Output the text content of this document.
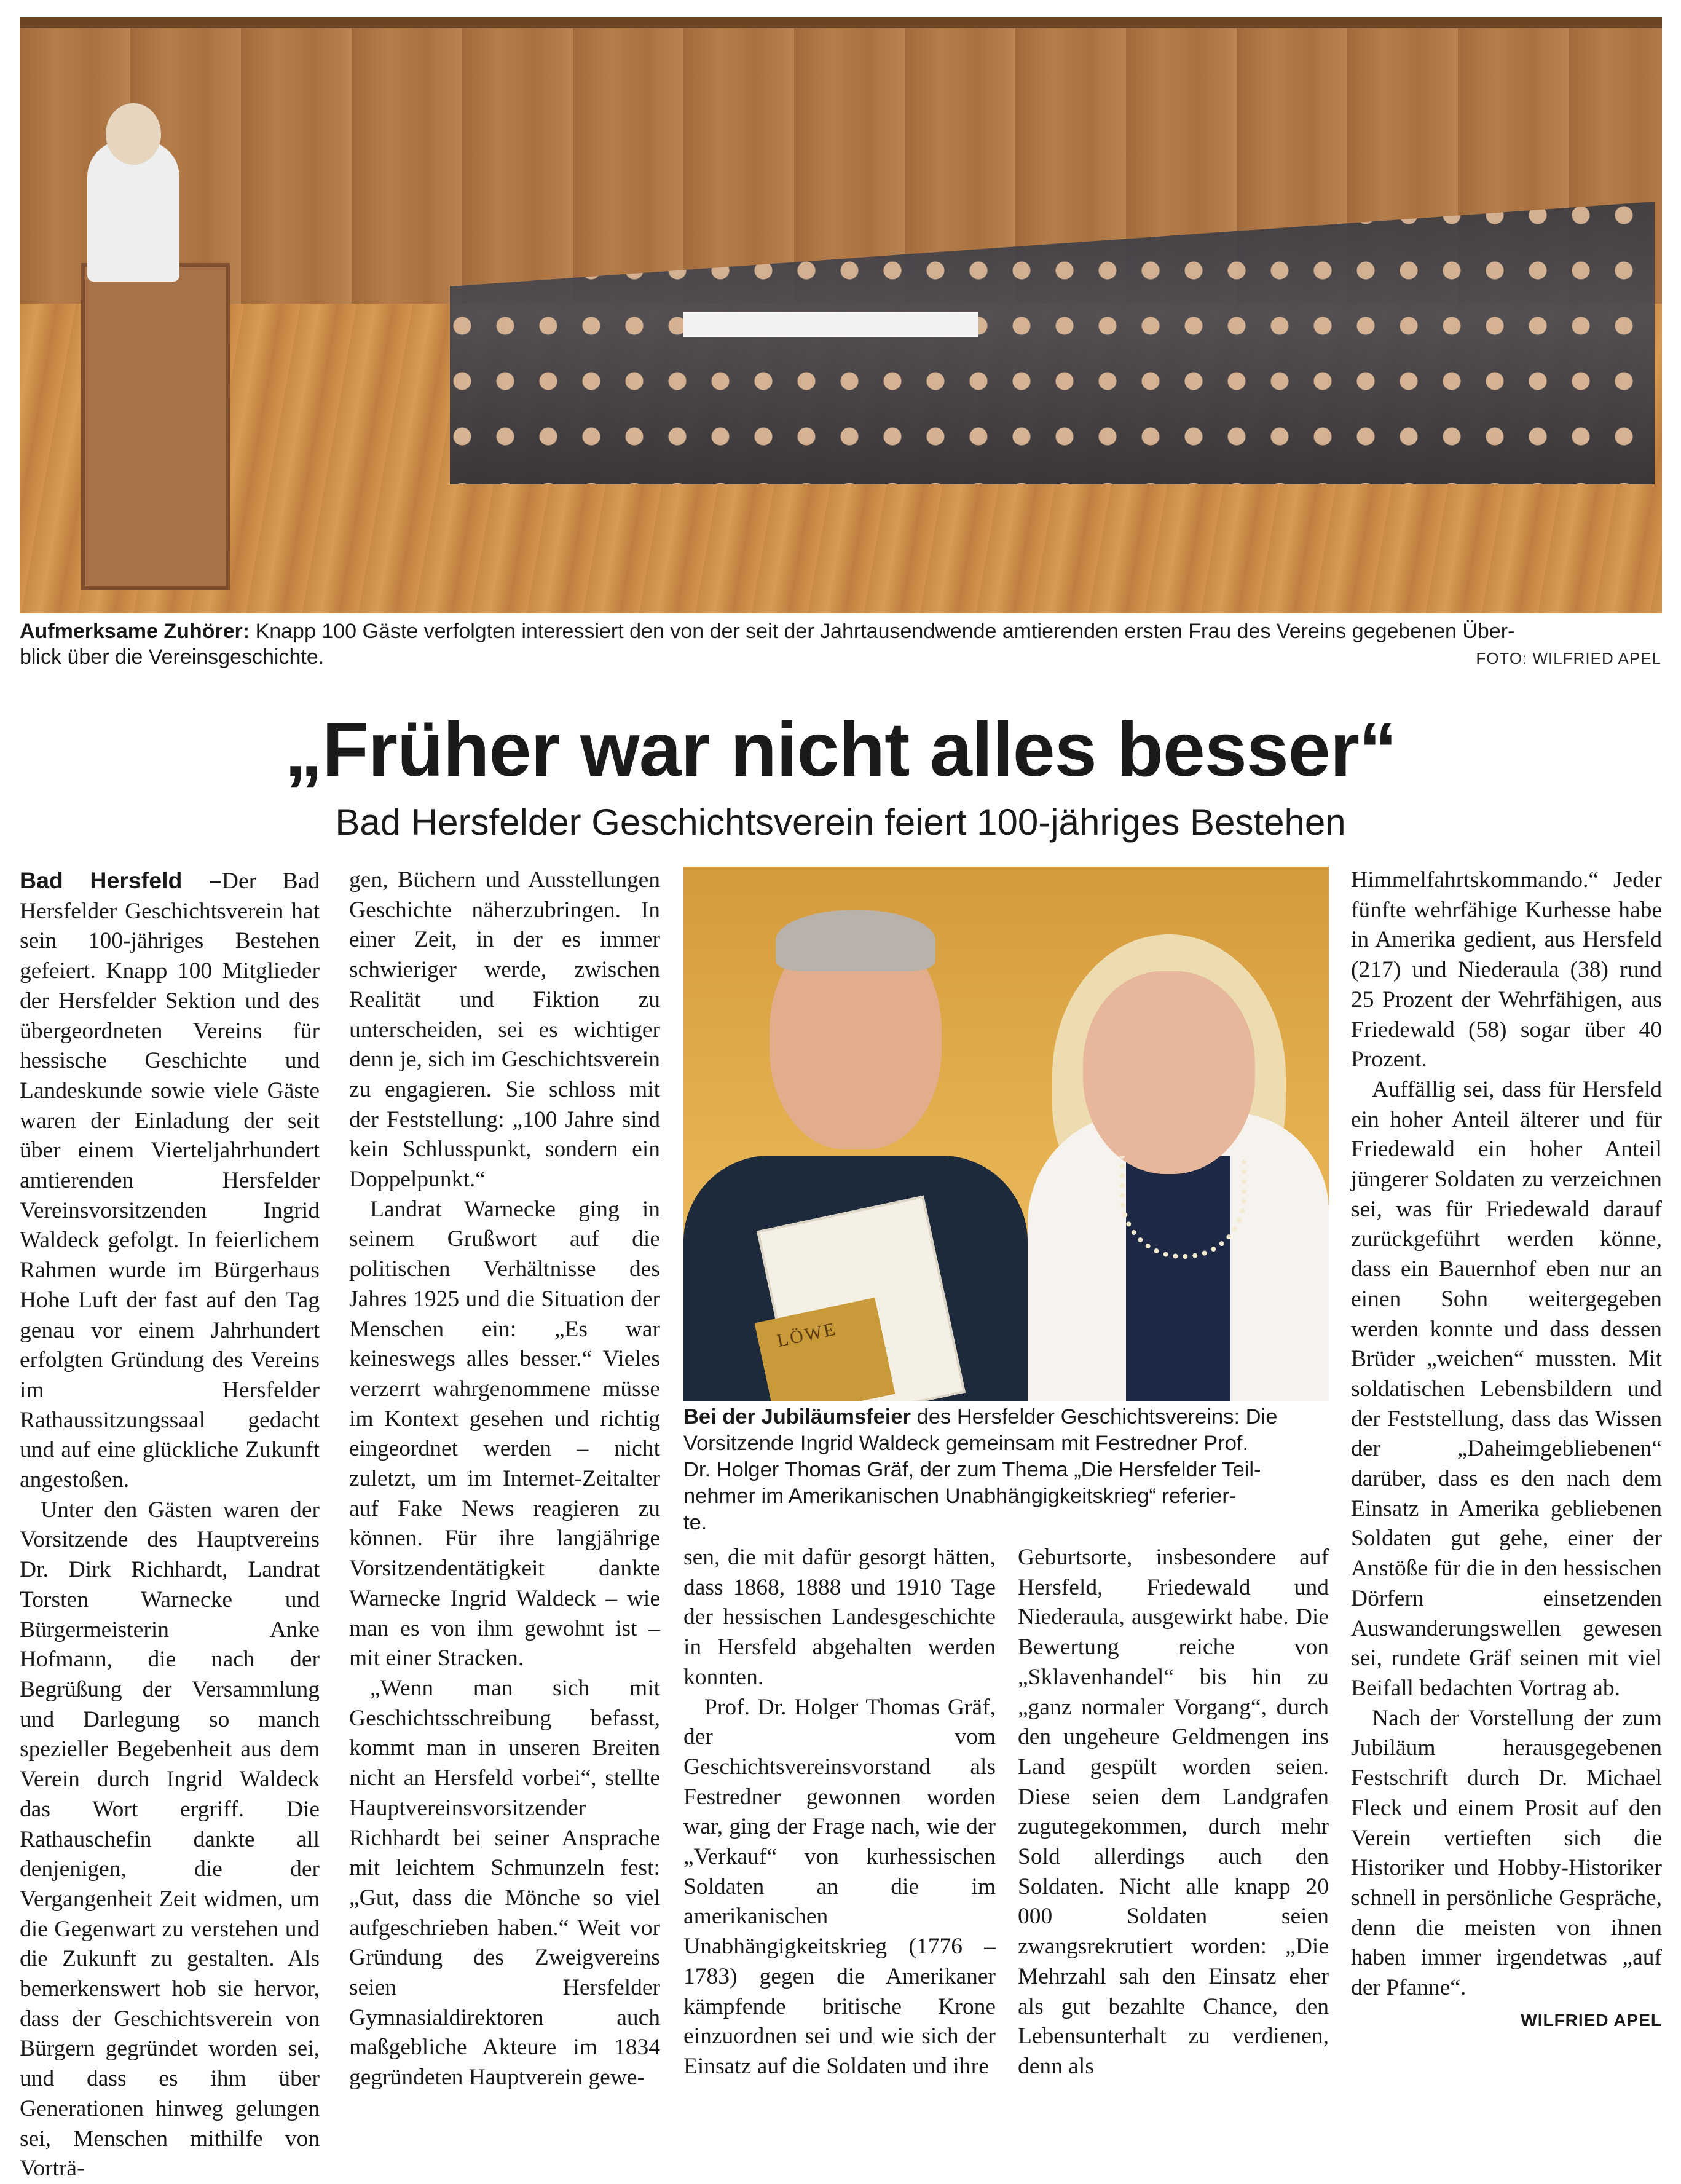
Aufmerksame Zuhörer: Knapp 100 Gäste verfolgten interessiert den von der seit der Jahrtausendwende amtierenden ersten Frau des Vereins gegebenen Über-
blick über die Vereinsgeschichte.	FOTO: WILFRIED APEL
„Früher war nicht alles besser“
Bad Hersfelder Geschichtsverein feiert 100-jähriges Bestehen

Bad Hersfeld –Der Bad Hersfelder Geschichtsverein hat sein 100-jähriges Bestehen gefeiert. Knapp 100 Mitglieder der Hersfelder Sektion und des übergeordneten Vereins für hessische Geschichte und Landeskunde sowie viele Gäste waren der Einladung der seit über einem Vierteljahrhundert amtierenden Hersfelder Vereinsvorsitzenden Ingrid Waldeck gefolgt. In feierlichem Rahmen wurde im Bürgerhaus Hohe Luft der fast auf den Tag genau vor einem Jahrhundert erfolgten Gründung des Vereins im Hersfelder Rathaussitzungssaal gedacht und auf eine glückliche Zukunft angestoßen.

Unter den Gästen waren der Vorsitzende des Hauptvereins Dr. Dirk Richhardt, Landrat Torsten Warnecke und Bürgermeisterin Anke Hofmann, die nach der Begrüßung der Versammlung und Darlegung so manch spezieller Begebenheit aus dem Verein durch Ingrid Waldeck das Wort ergriff. Die Rathauschefin dankte all denjenigen, die der Vergangenheit Zeit widmen, um die Gegenwart zu verstehen und die Zukunft zu gestalten. Als bemerkenswert hob sie hervor, dass der Geschichtsverein von Bürgern gegründet worden sei, und dass es ihm über Generationen hinweg gelungen sei, Menschen mithilfe von Vorträ-

gen, Büchern und Ausstellungen Geschichte näherzubringen. In einer Zeit, in der es immer schwieriger werde, zwischen Realität und Fiktion zu unterscheiden, sei es wichtiger denn je, sich im Geschichtsverein zu engagieren. Sie schloss mit der Feststellung: „100 Jahre sind kein Schlusspunkt, sondern ein Doppelpunkt.“

Landrat Warnecke ging in seinem Grußwort auf die politischen Verhältnisse des Jahres 1925 und die Situation der Menschen ein: „Es war keineswegs alles besser.“ Vieles verzerrt wahrgenommene müsse im Kontext gesehen und richtig eingeordnet werden – nicht zuletzt, um im Internet-Zeitalter auf Fake News reagieren zu können. Für ihre langjährige Vorsitzendentätigkeit dankte Warnecke Ingrid Waldeck – wie man es von ihm gewohnt ist – mit einer Stracken.

„Wenn man sich mit Geschichtsschreibung befasst, kommt man in unseren Breiten nicht an Hersfeld vorbei“, stellte Hauptvereinsvorsitzender Richhardt bei seiner Ansprache mit leichtem Schmunzeln fest: „Gut, dass die Mönche so viel aufgeschrieben haben.“ Weit vor Gründung des Zweigvereins seien Hersfelder Gymnasialdirektoren auch maßgebliche Akteure im 1834 gegründeten Hauptverein gewe-

LÖWE
Bei der Jubiläumsfeier des Hersfelder Geschichtsvereins: Die
Vorsitzende Ingrid Waldeck gemeinsam mit Festredner Prof.
Dr. Holger Thomas Gräf, der zum Thema „Die Hersfelder Teil-
nehmer im Amerikanischen Unabhängigkeitskrieg“ referier-
te.

sen, die mit dafür gesorgt hätten, dass 1868, 1888 und 1910 Tage der hessischen Landesgeschichte in Hersfeld abgehalten werden konnten.

Prof. Dr. Holger Thomas Gräf, der vom Geschichtsvereinsvorstand als Festredner gewonnen worden war, ging der Frage nach, wie der „Verkauf“ von kurhessischen Soldaten an die im amerikanischen Unabhängigkeitskrieg (1776 – 1783) gegen die Amerikaner kämpfende britische Krone einzuordnen sei und wie sich der Einsatz auf die Soldaten und ihre

Geburtsorte, insbesondere auf Hersfeld, Friedewald und Niederaula, ausgewirkt habe. Die Bewertung reiche von „Sklavenhandel“ bis hin zu „ganz normaler Vorgang“, durch den ungeheure Geldmengen ins Land gespült worden seien. Diese seien dem Landgrafen zugutegekommen, durch mehr Sold allerdings auch den Soldaten. Nicht alle knapp 20 000 Soldaten seien zwangsrekrutiert worden: „Die Mehrzahl sah den Einsatz eher als gut bezahlte Chance, den Lebensunterhalt zu verdienen, denn als

Himmelfahrtskommando.“ Jeder fünfte wehrfähige Kurhesse habe in Amerika gedient, aus Hersfeld (217) und Niederaula (38) rund 25 Prozent der Wehrfähigen, aus Friedewald (58) sogar über 40 Prozent.

Auffällig sei, dass für Hersfeld ein hoher Anteil älterer und für Friedewald ein hoher Anteil jüngerer Soldaten zu verzeichnen sei, was für Friedewald darauf zurückgeführt werden könne, dass ein Bauernhof eben nur an einen Sohn weitergegeben werden konnte und dass dessen Brüder „weichen“ mussten. Mit soldatischen Lebensbildern und der Feststellung, dass das Wissen der „Daheimgebliebenen“ darüber, dass es den nach dem Einsatz in Amerika gebliebenen Soldaten gut gehe, einer der Anstöße für die in den hessischen Dörfern einsetzenden Auswanderungswellen gewesen sei, rundete Gräf seinen mit viel Beifall bedachten Vortrag ab.

Nach der Vorstellung der zum Jubiläum herausgegebenen Festschrift durch Dr. Michael Fleck und einem Prosit auf den Verein vertieften sich die Historiker und Hobby-Historiker schnell in persönliche Gespräche, denn die meisten von ihnen haben immer irgendetwas „auf der Pfanne“.

WILFRIED APEL
